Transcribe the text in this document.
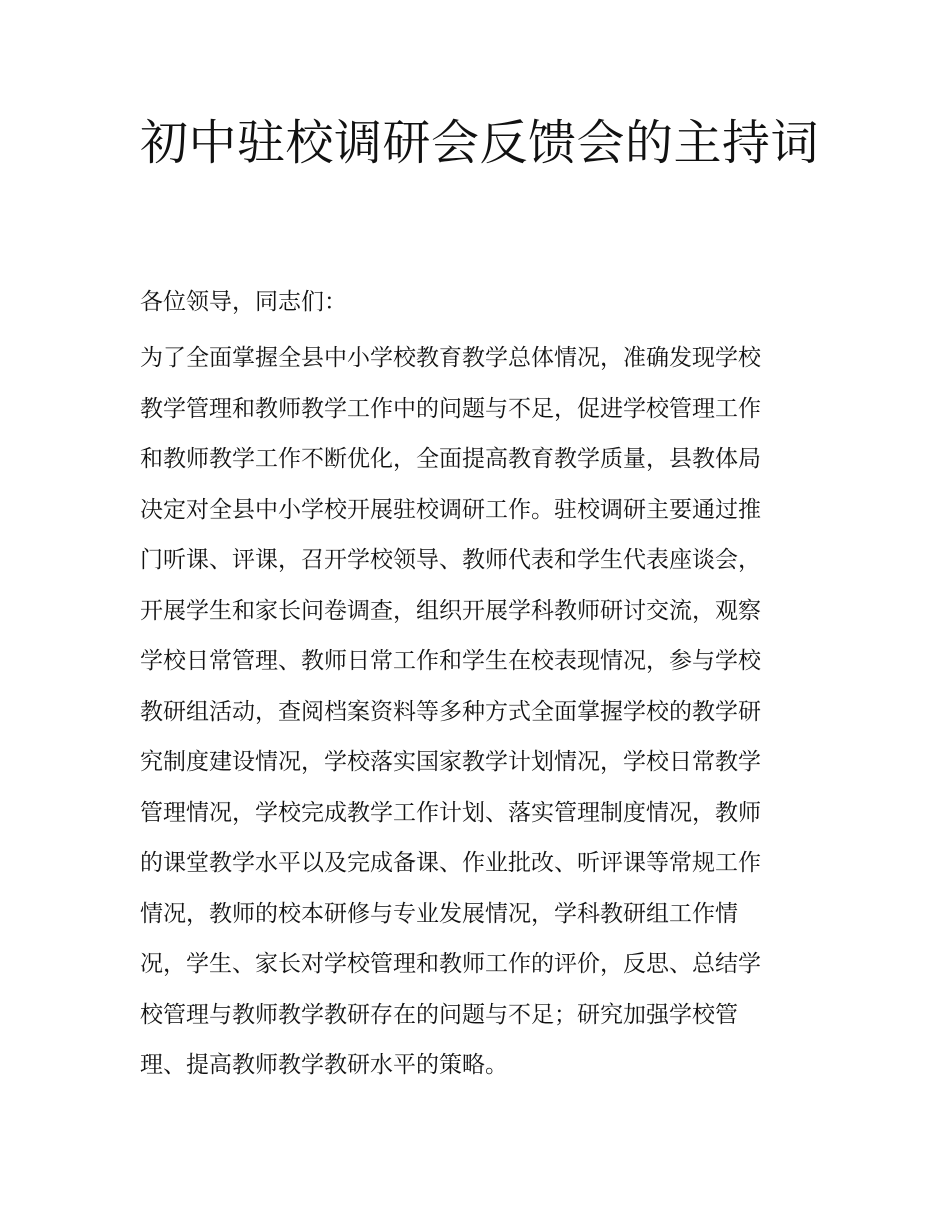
初中驻校调研会反馈会的主持词

各位领导，同志们：

为了全面掌握全县中小学校教育教学总体情况，准确发现学校
教学管理和教师教学工作中的问题与不足，促进学校管理工作
和教师教学工作不断优化，全面提高教育教学质量，县教体局
决定对全县中小学校开展驻校调研工作。驻校调研主要通过推
门听课、评课，召开学校领导、教师代表和学生代表座谈会，
开展学生和家长问卷调查，组织开展学科教师研讨交流，观察
学校日常管理、教师日常工作和学生在校表现情况，参与学校
教研组活动，查阅档案资料等多种方式全面掌握学校的教学研
究制度建设情况，学校落实国家教学计划情况，学校日常教学
管理情况，学校完成教学工作计划、落实管理制度情况，教师
的课堂教学水平以及完成备课、作业批改、听评课等常规工作
情况，教师的校本研修与专业发展情况，学科教研组工作情
况，学生、家长对学校管理和教师工作的评价，反思、总结学
校管理与教师教学教研存在的问题与不足；研究加强学校管
理、提高教师教学教研水平的策略。
